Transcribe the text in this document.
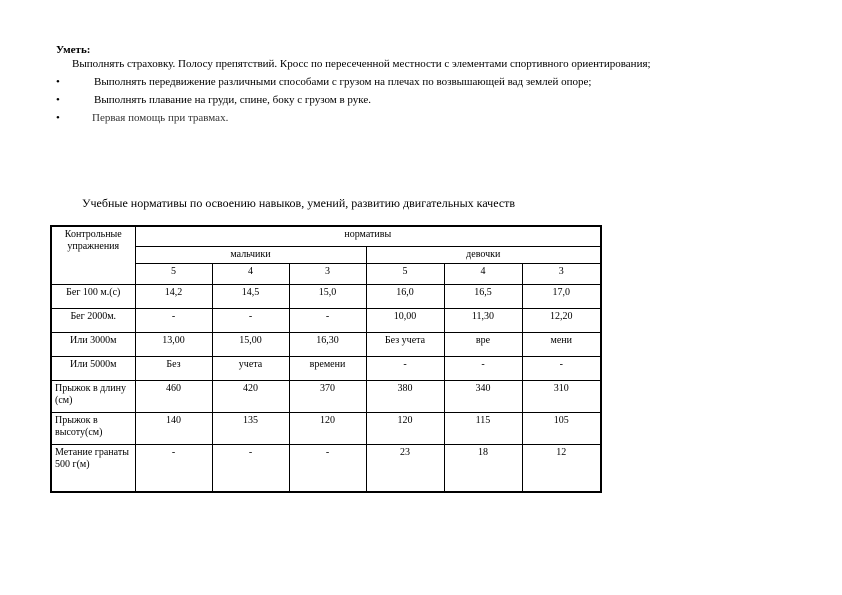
Уметь:
Выполнять страховку. Полосу препятствий. Кросс по пересеченной местности с элементами спортивного ориентирования;
•	Выполнять передвижение различными способами с грузом на плечах по возвышающей вад землей опоре;
•	Выполнять плавание на груди, спине, боку с грузом в руке.
•	Первая помощь при травмах.
Учебные нормативы по освоению навыков, умений, развитию двигательных качеств
Контрольные упражнения	нормативы					
	мальчики			девочки		
	5	4	3	5	4	3
Бег 100 м.(с)	14,2	14,5	15,0	16,0	16,5	17,0
Бег 2000м.	-	-	-	10,00	11,30	12,20
Или 3000м	13,00	15,00	16,30	Без учета	вре	мени
Или 5000м	Без	учета	времени	-	-	-
Прыжок в длину (см)	460	420	370	380	340	310
Прыжок в высоту(см)	140	135	120	120	115	105
Метание гранаты 500 г(м)	-	-	-	23	18	12
